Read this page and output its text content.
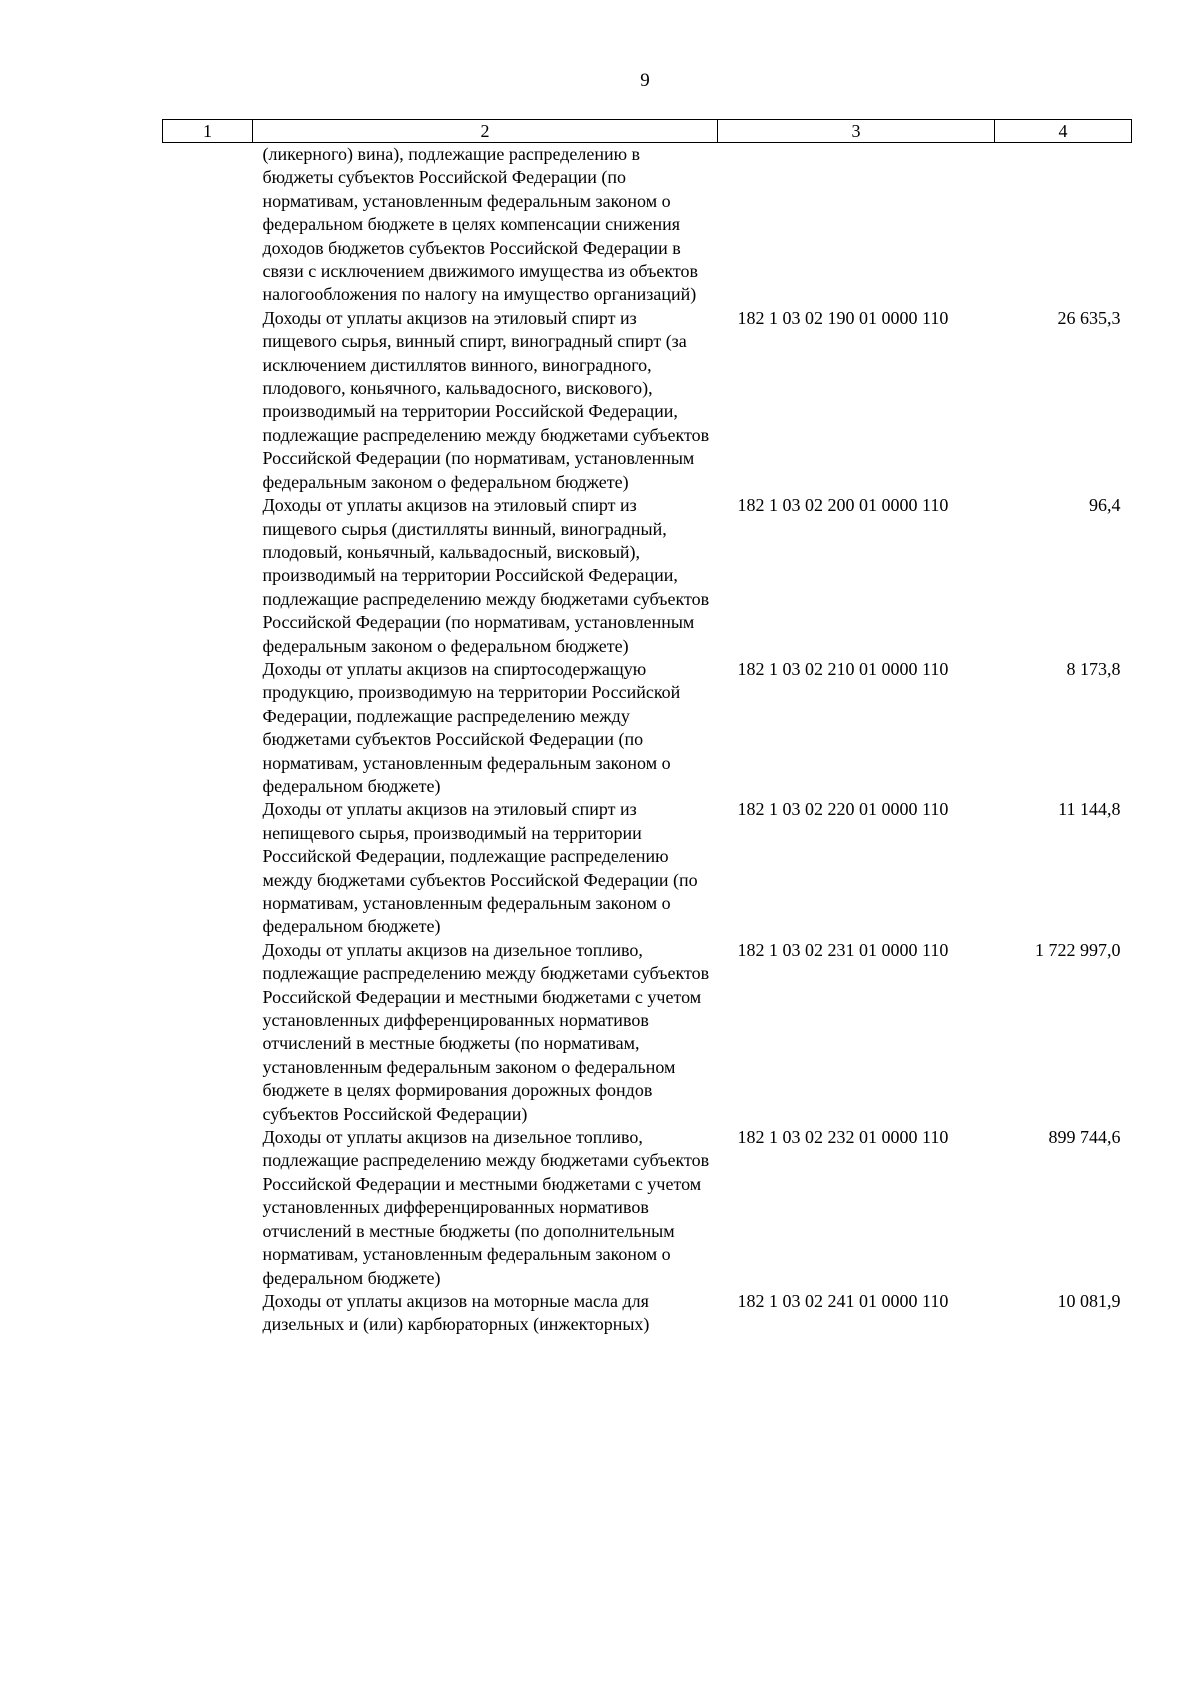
9
1	2	3	4
	(ликерного) вина), подлежащие распределению в бюджеты субъектов Российской Федерации (по нормативам, установленным федеральным законом о федеральном бюджете в целях компенсации снижения доходов бюджетов субъектов Российской Федерации в связи с исключением движимого имущества из объектов налогообложения по налогу на имущество организаций)		
	Доходы от уплаты акцизов на этиловый спирт из пищевого сырья, винный спирт, виноградный спирт (за исключением дистиллятов винного, виноградного, плодового, коньячного, кальвадосного, вискового), производимый на территории Российской Федерации, подлежащие распределению между бюджетами субъектов Российской Федерации (по нормативам, установленным федеральным законом о федеральном бюджете)	182 1 03 02 190 01 0000 110	26 635,3
	Доходы от уплаты акцизов на этиловый спирт из пищевого сырья (дистилляты винный, виноградный, плодовый, коньячный, кальвадосный, висковый), производимый на территории Российской Федерации, подлежащие распределению между бюджетами субъектов Российской Федерации (по нормативам, установленным федеральным законом о федеральном бюджете)	182 1 03 02 200 01 0000 110	96,4
	Доходы от уплаты акцизов на спиртосодержащую продукцию, производимую на территории Российской Федерации, подлежащие распределению между бюджетами субъектов Российской Федерации (по нормативам, установленным федеральным законом о федеральном бюджете)	182 1 03 02 210 01 0000 110	8 173,8
	Доходы от уплаты акцизов на этиловый спирт из непищевого сырья, производимый на территории Российской Федерации, подлежащие распределению между бюджетами субъектов Российской Федерации (по нормативам, установленным федеральным законом о федеральном бюджете)	182 1 03 02 220 01 0000 110	11 144,8
	Доходы от уплаты акцизов на дизельное топливо, подлежащие распределению между бюджетами субъектов Российской Федерации и местными бюджетами с учетом установленных дифференцированных нормативов отчислений в местные бюджеты (по нормативам, установленным федеральным законом о федеральном бюджете в целях формирования дорожных фондов субъектов Российской Федерации)	182 1 03 02 231 01 0000 110	1 722 997,0
	Доходы от уплаты акцизов на дизельное топливо, подлежащие распределению между бюджетами субъектов Российской Федерации и местными бюджетами с учетом установленных дифференцированных нормативов отчислений в местные бюджеты (по дополнительным нормативам, установленным федеральным законом о федеральном бюджете)	182 1 03 02 232 01 0000 110	899 744,6
	Доходы от уплаты акцизов на моторные масла для дизельных и (или) карбюраторных (инжекторных)	182 1 03 02 241 01 0000 110	10 081,9
